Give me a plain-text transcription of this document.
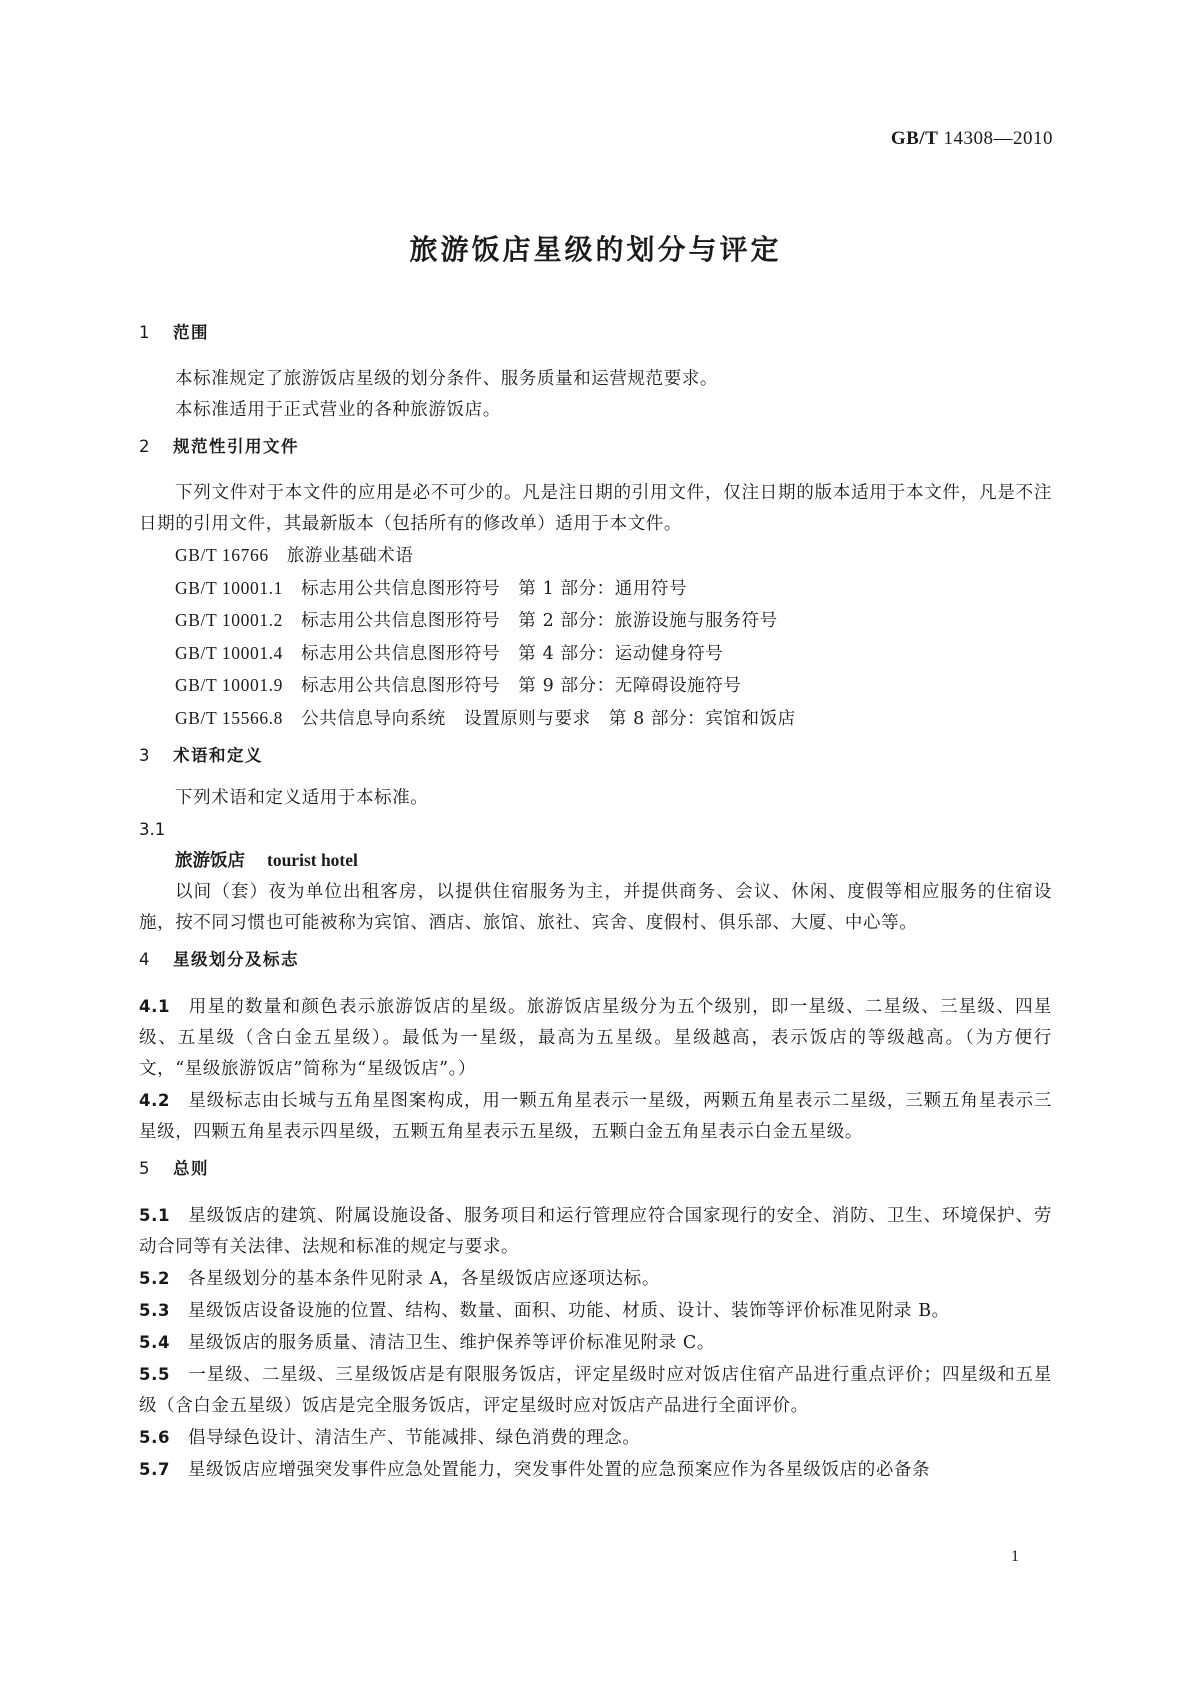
GB/T 14308—2010
旅游饭店星级的划分与评定
1 范围

本标准规定了旅游饭店星级的划分条件、服务质量和运营规范要求。

本标准适用于正式营业的各种旅游饭店。

2 规范性引用文件

下列文件对于本文件的应用是必不可少的。凡是注日期的引用文件，仅注日期的版本适用于本文件，凡是不注日期的引用文件，其最新版本（包括所有的修改单）适用于本文件。

GB/T 16766　 旅游业基础术语
GB/T 10001.1　 标志用公共信息图形符号　第 1 部分：通用符号
GB/T 10001.2　 标志用公共信息图形符号　第 2 部分：旅游设施与服务符号
GB/T 10001.4　 标志用公共信息图形符号　第 4 部分：运动健身符号
GB/T 10001.9　 标志用公共信息图形符号　第 9 部分：无障碍设施符号
GB/T 15566.8　 公共信息导向系统　设置原则与要求　第 8 部分：宾馆和饭店
3 术语和定义

下列术语和定义适用于本标准。

3.1
旅游饭店 tourist hotel

以间（套）夜为单位出租客房，以提供住宿服务为主，并提供商务、会议、休闲、度假等相应服务的住宿设施，按不同习惯也可能被称为宾馆、酒店、旅馆、旅社、宾舍、度假村、俱乐部、大厦、中心等。

4 星级划分及标志

4.1 用星的数量和颜色表示旅游饭店的星级。旅游饭店星级分为五个级别，即一星级、二星级、三星级、四星级、五星级（含白金五星级）。最低为一星级，最高为五星级。星级越高，表示饭店的等级越高。（为方便行文，“星级旅游饭店”简称为“星级饭店”。）

4.2 星级标志由长城与五角星图案构成，用一颗五角星表示一星级，两颗五角星表示二星级，三颗五角星表示三星级，四颗五角星表示四星级，五颗五角星表示五星级，五颗白金五角星表示白金五星级。

5 总则

5.1 星级饭店的建筑、附属设施设备、服务项目和运行管理应符合国家现行的安全、消防、卫生、环境保护、劳动合同等有关法律、法规和标准的规定与要求。

5.2 各星级划分的基本条件见附录 A，各星级饭店应逐项达标。

5.3 星级饭店设备设施的位置、结构、数量、面积、功能、材质、设计、装饰等评价标准见附录 B。

5.4 星级饭店的服务质量、清洁卫生、维护保养等评价标准见附录 C。

5.5 一星级、二星级、三星级饭店是有限服务饭店，评定星级时应对饭店住宿产品进行重点评价；四星级和五星级（含白金五星级）饭店是完全服务饭店，评定星级时应对饭店产品进行全面评价。

5.6 倡导绿色设计、清洁生产、节能减排、绿色消费的理念。

5.7 星级饭店应增强突发事件应急处置能力，突发事件处置的应急预案应作为各星级饭店的必备条

1
